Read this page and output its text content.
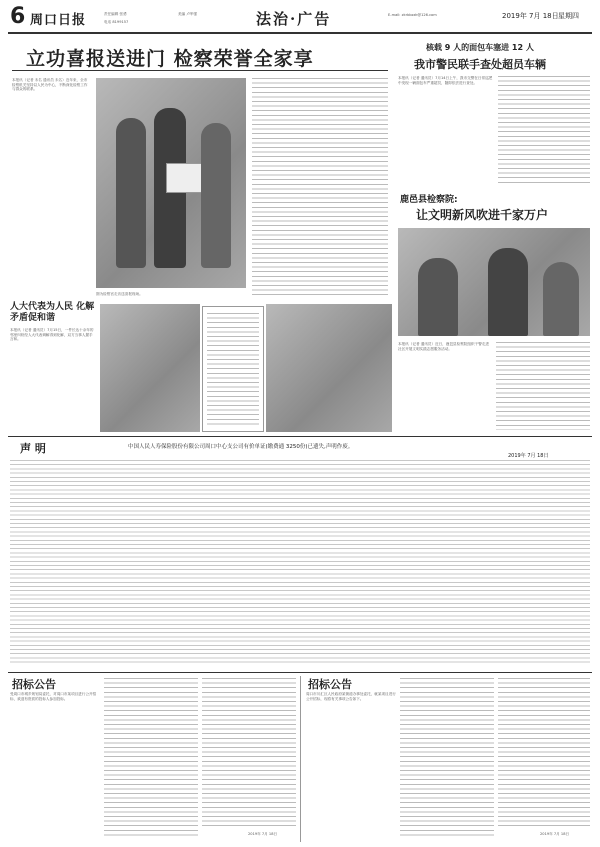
6 周口日报	责任编辑 张勇	美编 卢军强
电话 8199157	法治·广告	E-mail: zkrbbzzk@126.com	2019年 7月 18日 星期四
立功喜报送进门 检察荣誉全家享
本报讯（记者 未名 通讯员 未名）近年来，全市检察机关坚持以人民为中心，不断深化检察工作与群众的联系。
图为检察官走访送喜报现场。
核载 9 人的面包车塞进 12 人
我市警民联手查处超员车辆
本报讯（记者 通讯员）7月14日上午，我市交警在日常巡逻中发现一辆面包车严重超员，随即依法进行查处。
鹿邑县检察院:
让文明新风吹进千家万户
本报讯（记者 通讯员）近日，鹿邑县检察院组织干警走进社区开展文明实践志愿服务活动。
人大代表为人民 化解矛盾促和谐
本报讯（记者 通讯员）7月15日，一件长达十余年的邻里纠纷经人大代表调解得到化解，双方当事人握手言和。
声 明	中国人民人寿保险股份有限公司周口中心支公司有价单证(缴费通 3250份)已遗失,声明作废。
2019年 7月 18日
招标公告
受周口市城乡规划局委托，对周口市某项目进行公开招标，欢迎有资质的投标人参加投标。
2019年 7月 18日
招标公告
周口市川汇区人民政府某街道办事处委托，就某项目进行公开招标，现将有关事项公告如下。
2019年 7月 18日
